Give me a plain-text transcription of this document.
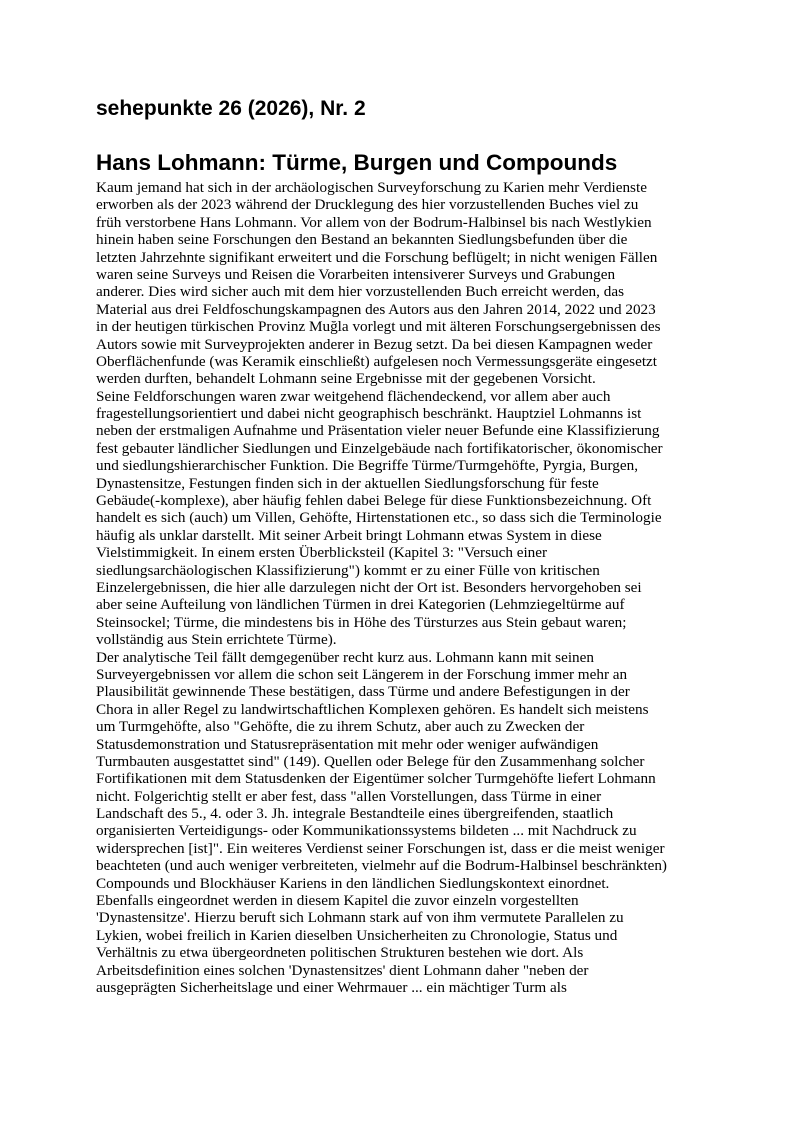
sehepunkte 26 (2026), Nr. 2
Hans Lohmann: Türme, Burgen und Compounds
Kaum jemand hat sich in der archäologischen Surveyforschung zu Karien mehr Verdienste
erworben als der 2023 während der Drucklegung des hier vorzustellenden Buches viel zu
früh verstorbene Hans Lohmann. Vor allem von der Bodrum-Halbinsel bis nach Westlykien
hinein haben seine Forschungen den Bestand an bekannten Siedlungsbefunden über die
letzten Jahrzehnte signifikant erweitert und die Forschung beflügelt; in nicht wenigen Fällen
waren seine Surveys und Reisen die Vorarbeiten intensiverer Surveys und Grabungen
anderer. Dies wird sicher auch mit dem hier vorzustellenden Buch erreicht werden, das
Material aus drei Feldfoschungskampagnen des Autors aus den Jahren 2014, 2022 und 2023
in der heutigen türkischen Provinz Muğla vorlegt und mit älteren Forschungsergebnissen des
Autors sowie mit Surveyprojekten anderer in Bezug setzt. Da bei diesen Kampagnen weder
Oberflächenfunde (was Keramik einschließt) aufgelesen noch Vermessungsgeräte eingesetzt
werden durften, behandelt Lohmann seine Ergebnisse mit der gegebenen Vorsicht.
Seine Feldforschungen waren zwar weitgehend flächendeckend, vor allem aber auch
fragestellungsorientiert und dabei nicht geographisch beschränkt. Hauptziel Lohmanns ist
neben der erstmaligen Aufnahme und Präsentation vieler neuer Befunde eine Klassifizierung
fest gebauter ländlicher Siedlungen und Einzelgebäude nach fortifikatorischer, ökonomischer
und siedlungshierarchischer Funktion. Die Begriffe Türme/Turmgehöfte, Pyrgia, Burgen,
Dynastensitze, Festungen finden sich in der aktuellen Siedlungsforschung für feste
Gebäude(-komplexe), aber häufig fehlen dabei Belege für diese Funktionsbezeichnung. Oft
handelt es sich (auch) um Villen, Gehöfte, Hirtenstationen etc., so dass sich die Terminologie
häufig als unklar darstellt. Mit seiner Arbeit bringt Lohmann etwas System in diese
Vielstimmigkeit. In einem ersten Überblicksteil (Kapitel 3: "Versuch einer
siedlungsarchäologischen Klassifizierung") kommt er zu einer Fülle von kritischen
Einzelergebnissen, die hier alle darzulegen nicht der Ort ist. Besonders hervorgehoben sei
aber seine Aufteilung von ländlichen Türmen in drei Kategorien (Lehmziegeltürme auf
Steinsockel; Türme, die mindestens bis in Höhe des Türsturzes aus Stein gebaut waren;
vollständig aus Stein errichtete Türme).
Der analytische Teil fällt demgegenüber recht kurz aus. Lohmann kann mit seinen
Surveyergebnissen vor allem die schon seit Längerem in der Forschung immer mehr an
Plausibilität gewinnende These bestätigen, dass Türme und andere Befestigungen in der
Chora in aller Regel zu landwirtschaftlichen Komplexen gehören. Es handelt sich meistens
um Turmgehöfte, also "Gehöfte, die zu ihrem Schutz, aber auch zu Zwecken der
Statusdemonstration und Statusrepräsentation mit mehr oder weniger aufwändigen
Turmbauten ausgestattet sind" (149). Quellen oder Belege für den Zusammenhang solcher
Fortifikationen mit dem Statusdenken der Eigentümer solcher Turmgehöfte liefert Lohmann
nicht. Folgerichtig stellt er aber fest, dass "allen Vorstellungen, dass Türme in einer
Landschaft des 5., 4. oder 3. Jh. integrale Bestandteile eines übergreifenden, staatlich
organisierten Verteidigungs- oder Kommunikationssystems bildeten ... mit Nachdruck zu
widersprechen [ist]". Ein weiteres Verdienst seiner Forschungen ist, dass er die meist weniger
beachteten (und auch weniger verbreiteten, vielmehr auf die Bodrum-Halbinsel beschränkten)
Compounds und Blockhäuser Kariens in den ländlichen Siedlungskontext einordnet.
Ebenfalls eingeordnet werden in diesem Kapitel die zuvor einzeln vorgestellten
'Dynastensitze'. Hierzu beruft sich Lohmann stark auf von ihm vermutete Parallelen zu
Lykien, wobei freilich in Karien dieselben Unsicherheiten zu Chronologie, Status und
Verhältnis zu etwa übergeordneten politischen Strukturen bestehen wie dort. Als
Arbeitsdefinition eines solchen 'Dynastensitzes' dient Lohmann daher "neben der
ausgeprägten Sicherheitslage und einer Wehrmauer ... ein mächtiger Turm als
